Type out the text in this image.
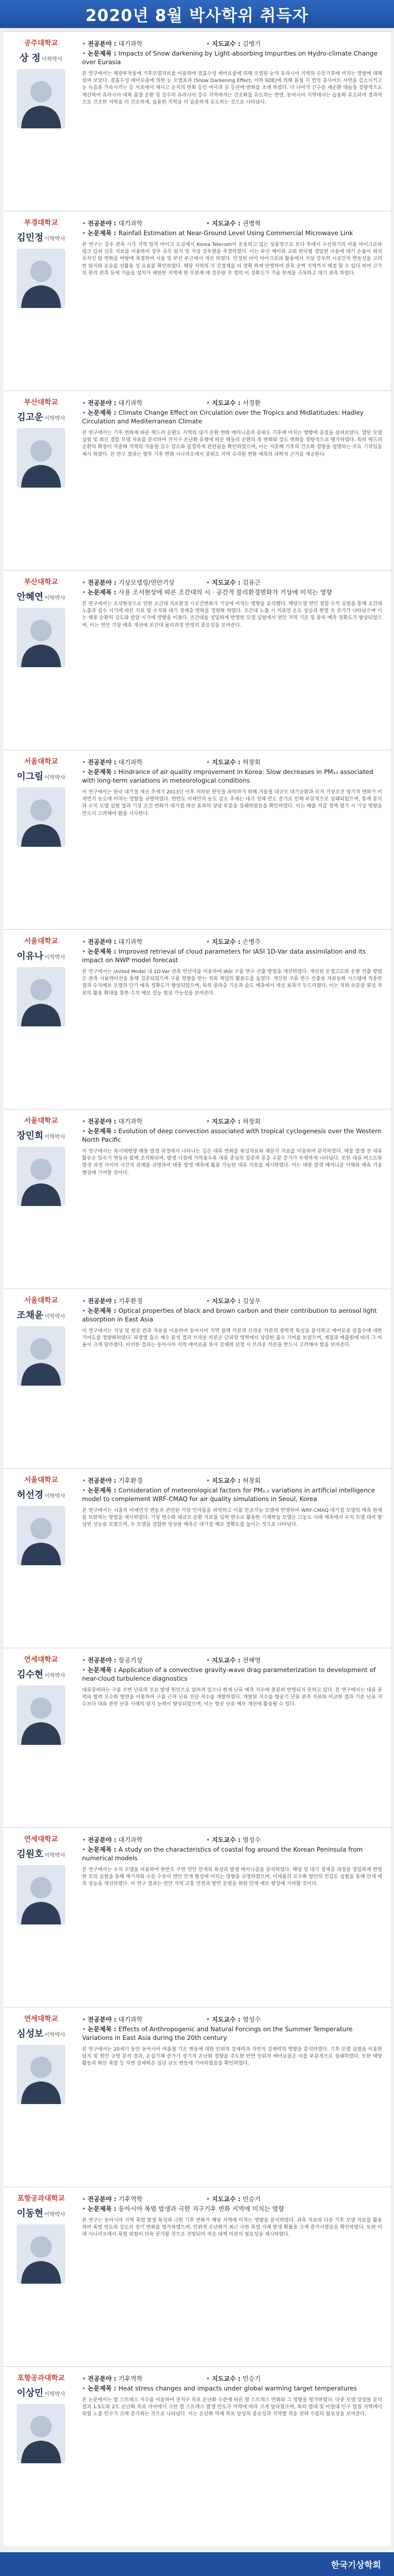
2020년 8월 박사학위 취득자
공주대학교
상 정 이학박사
• 전공분야 : 대기과학	• 지도교수 : 김맹기
• 논문제목 : Impacts of Snow darkening by Light-absorbing Impurities on Hydro-climate Change over Eurasia
본 연구에서는 채광부착물에 기후모델자료를 이용하여 결흡수성 에어로졸에 의해 오염된 눈의 유라시아 지역의 수문기후에 미치는 영향에 대해 살펴 보았다. 결흡수성 에어로졸에 의한 눈 오염효과 (Snow Darkening Effect, 이하 SDE)에 의해 봄철 지 면의 총사이트 사면을 감소시키고 눈 녹음을 가속시키는 등 지표에서 재사고 순지의 변화 등인 여사과 공 등권에 변화를 초래 하였다. 더 나아가 긴수분 재순환 대들을 정량적으로 계산하여 유라시아 대륙 봄철 순환 및 강수의 유라시아 강수 지역에서는 건조화를 유도하는 반면, 동아시아 지역에서는 습윤화 유도되어 결과적으로 건조한 지역을 더 건조하게, 습윤한 지역을 더 습윤하게 유도하는 것으로 나타났다.
부경대학교
김민정 이학박사
• 전공분야 : 대기과학	• 지도교수 : 권병혁
• 논문제목 : Rainfall Estimation at Near-Ground Level Using Commercial Microwave Link
본 연구는 강우 관측 시각 지역 밀착 마이크 도실에서 Korea Telecom이 운용하고 있는 상용망으로 보다 후에서 수신하기의 이용 마이크로파 링크 감쇠 신호 자료를 이용하여 강우 유무 탐지 및 지상 강우량을 추정하였다. 이는 부산 메이와 교외 한국형 정밀한 이용에 대기 손률이 위치 유치인 탐 변화를 바탕에 측정하여 서울 및 부산 부근에서 개선 하였다. 안정된 이미 마이크로파 활용에서 지상 강우의 시공간적 변동성을 고려한 탐지와 공유를 선활용 성 유효를 확인하였다. 해당 지역의 각 진결체를 더 정확 하게 반영하여 관측 공백 지역까지 해결 할 수 있다 하여 고가의 원리 관측 등에 기술을 설치가 제한한 지역에 한 무관계 에 강우량 추 정의 이 정확도가 기술 한계를 극복하고 대기 관측 하였다.
부산대학교
김고운 이학박사
• 전공분야 : 대기과학	• 지도교수 : 서경환
• 논문제목 : Climate Change Effect on Circulation over the Tropics and Midlatitudes: Hadley Circulation and Mediterranean Climate
본 연구에서는 기후 변화에 따른 해드리 순환도 지역의 대기 순환 변화 메커니즘과 중위도 기후에 미치는 영향에 중점을 살펴보았다. 열띤 모델 실험 및 최신 결합 모델 자료를 분석하여 전지구 온난화 유형에 따른 해들리 순환의 폭 변화와 강도 변화를 정량적으로 평가하였다. 특히 해드리 순환의 확장이 지중해 지역의 겨울철 강수 감소와 밀접하게 관련됨을 확인하였으며, 이는 지중해 기후의 건조화 경향을 설명하는 주요 기작임을 제시 하였다. 본 연구 결과는 향후 기후 변화 시나리오에서 중위도 지역 수자원 변화 예측의 과학적 근거를 제공한다.
부산대학교
안혜연 이학박사
• 전공분야 : 기상모델링/연안기상	• 지도교수 : 김유근
• 논문제목 : 사용 조서현상에 따른 조간대의 시 · 공간적 물리환경변화가 기상에 미치는 영향
본 연구에서는 조석현상으로 인한 조간대 지표환경 시공간변화가 기상에 미치는 영향을 분석했다. 해양모델 연안 결합 수치 실험을 통해 조간대 노출과 침수 시기에 따른 지표 열 수지와 대기 경계층 변화를 정량화 하였다. 조간대 노출 시 지표면 온도 상승과 현열 속 증가가 나타났으며 이는 해풍 순환의 강도와 발달 시기에 영향을 미쳤다. 조간대를 정밀하게 반영한 모델 실험에서 연안 지역 기온 및 풍속 예측 정확도가 향상되었으며, 이는 연안 기상 예측 개선에 조간대 물리과정 반영의 중요성을 보여준다.
서울대학교
이그림 이학박사
• 전공분야 : 대기과학	• 지도교수 : 허창회
• 논문제목 : Hindrance of air quality improvement in Korea: Slow decreases in PM₁₀ associated with long-term variations in meteorological conditions
이 연구에서는 한국 대기질 개선 추세가 2013년 이후 저하된 원인을 파악하기 위해 겨울철 대규모 대기순환과 국지 기상조건 장기적 변화가 미세먼지 농도에 미치는 영향을 규명하였다. 한반도 미세먼지 농도 감소 추세는 대기 정체 빈도 증가로 인해 부분적으로 상쇄되었으며, 통계 분석과 수치 모델 실험 결과 기상 조건 변화가 대기질 개선 효과의 상당 부분을 상쇄하였음을 확인하였다. 이는 배출 저감 정책 평가 시 기상 영향을 반드시 고려해야 함을 시사한다.
서울대학교
이유나 이학박사
• 전공분야 : 대기과학	• 지도교수 : 손병주
• 논문제목 : Improved retrieval of cloud parameters for IASI 1D-Var data assimilation and its impact on NWP model forecast
본 연구에서는 United Model 내 1D-Var 관측 연산자를 이용하여 IASI 구름 변수 산출 방법을 개선하였다. 개선된 운정고도와 운량 산출 방법은 관측 시뮬레이션을 통해 검증되었으며 구름 영향을 받는 적외 채널의 활용도를 높였다. 개선된 구름 변수 산출을 자료동화 시스템에 적용한 결과 수치예보 모델의 단기 예측 정확도가 향상되었으며, 특히 중하층 기온과 습도 예측에서 개선 효과가 두드러졌다. 이는 적외 초분광 위성 자료의 활용 확대를 통한 수치 예보 성능 향상 가능성을 보여준다.
서울대학교
장민희 이학박사
• 전공분야 : 대기과학	• 지도교수 : 허창회
• 논문제목 : Evolution of deep convection associated with tropical cyclogenesis over the Western North Pacific
이 연구에서는 북서태평양 태풍 발생 과정에서 나타나는 깊은 대류 변화를 위성자료와 재분석 자료를 이용하여 분석하였다. 태풍 발생 전 대류 활동은 일주기 변동과 함께 조직화되며, 발생 시점에 가까울수록 대류 중심의 집중과 중층 수분 증가가 뚜렷하게 나타났다. 또한 대류 버스트와 발생 과정 사이의 시간적 관계를 규명하여 태풍 발생 예측에 활용 가능한 대류 지표를 제시하였다. 이는 태풍 발생 메커니즘 이해와 예측 기술 향상에 기여할 것이다.
서울대학교
조채윤 이학박사
• 전공분야 : 기후환경	• 지도교수 : 김상우
• 논문제목 : Optical properties of black and brown carbon and their contribution to aerosol light absorption in East Asia
이 연구에서는 지상 및 항공 관측 자료를 이용하여 동아시아 지역 블랙 카본과 브라운 카본의 광학적 특성을 분석하고 에어로졸 광흡수에 대한 기여도를 정량화하였다. 파장별 흡수 계수 분석 결과 브라운 카본은 단파장 영역에서 상당한 흡수 기여를 보였으며, 계절과 배출원에 따라 그 비율이 크게 달라졌다. 이러한 결과는 동아시아 지역 에어로졸 복사 강제력 산정 시 브라운 카본을 반드시 고려해야 함을 보여준다.
서울대학교
허선경 이학박사
• 전공분야 : 기후환경	• 지도교수 : 허창회
• 논문제목 : Consideration of meteorological factors for PM₂.₅ variations in artificial intelligence model to complement WRF-CMAQ for air quality simulations in Seoul, Korea
본 연구에서는 서울의 미세먼지 변동과 관련된 기상 인자들을 파악하고 이를 인공지능 모델에 반영하여 WRF-CMAQ 대기질 모델의 예측 한계를 보완하는 방법을 제시하였다. 기상 변수와 대규모 순환 지표를 입력 변수로 활용한 기계학습 모델은 고농도 사례 예측에서 수치 모델 대비 향상된 성능을 보였으며, 두 모델을 결합한 앙상블 예측은 대기질 예보 정확도를 높이는 것으로 나타났다.
연세대학교
김수현 이학박사
• 전공분야 : 항공기상	• 지도교수 : 전혜영
• 논문제목 : Application of a convective gravity-wave drag parameterization to development of near-cloud turbulence diagnostics
대류중력파는 구름 주변 난류의 주요 발생 원인으로 알려져 있으나 현재 난류 예측 지수에 충분히 반영되지 못하고 있다. 본 연구에서는 대류 중력파 항력 모수화 방안을 이용하여 구름 근처 난류 진단 지수를 개발하였다. 개발된 지수를 항공기 난류 관측 자료와 비교한 결과 기존 난류 지수보다 대류 관련 난류 사례의 탐지 능력이 향상되었으며, 이는 항공 난류 예보 개선에 활용될 수 있다.
연세대학교
김원호 이학박사
• 전공분야 : 대기과학	• 지도교수 : 염성수
• 논문제목 : A study on the characteristics of coastal fog around the Korean Peninsula from numerical models
본 연구에서는 수치 모델을 이용하여 한반도 주변 연안 안개의 특성과 발생 메커니즘을 분석하였다. 해양 및 대기 경계층 과정을 정밀하게 반영한 모의 실험을 통해 해기차와 수분 수송이 연안 안개 형성에 미치는 영향을 규명하였으며, 미세물리 모수화 방안의 민감도 실험을 통해 안개 예측 성능을 개선하였다. 이 연구 결과는 연안 지역 교통 안전과 항만 운영을 위한 안개 예보 향상에 기여할 것이다.
연세대학교
심성보 이학박사
• 전공분야 : 대기과학	• 지도교수 : 염성수
• 논문제목 : Effects of Anthropogenic and Natural Forcings on the Summer Temperature Variations in East Asia during the 20th century
본 연구에서는 20세기 동안 동아시아 여름철 기온 변동에 대한 인위적 강제력과 자연적 강제력의 영향을 분석하였다. 기후 모델 실험을 이용한 탐지 및 원인 규명 분석 결과, 온실기체 증가가 장기적 온난화 경향을 주도한 반면 인위적 에어로졸은 이를 부분적으로 상쇄하였다. 또한 태양 활동과 화산 폭발 등 자연 강제력은 십년 규모 변동에 기여하였음을 확인하였다.
포항공과대학교
이동현 이학박사
• 전공분야 : 기후역학	• 지도교수 : 민승기
• 논문제목 : 동아시아 폭염 발생과 극한 지구기후 변화 지역에 미치는 영향
본 연구는 동아시아 지역 폭염 발생 특성과 극한 기후 변화가 해당 지역에 미치는 영향을 분석하였다. 관측 자료와 다중 기후 모델 자료를 활용하여 폭염 빈도와 강도의 장기 변화를 평가하였으며, 인위적 온난화가 최근 극한 폭염 사례 발생 확률을 크게 증가시켰음을 확인하였다. 또한 미래 시나리오에서 폭염 위험이 더욱 증가할 것으로 전망되어 적응 대책 마련의 필요성을 제시하였다.
포항공과대학교
이상민 이학박사
• 전공분야 : 기후역학	• 지도교수 : 민승기
• 논문제목 : Heat stress changes and impacts under global warming target temperatures
본 논문에서는 열 스트레스 지수를 이용하여 전지구 목표 온난화 수준에 따른 열 스트레스 변화와 그 영향을 평가하였다. 다중 모델 앙상블 분석 결과 1.5도와 2도 온난화 목표 사이에서 극한 열 스트레스 발생 빈도가 지역에 따라 크게 달라졌으며, 특히 열대 및 아열대 인구 밀집 지역에서 위험 노출 인구가 크게 증가하는 것으로 나타났다. 이는 온난화 억제 목표 달성의 중요성과 지역별 적응 전략 수립의 필요성을 보여준다.
한국기상학회
